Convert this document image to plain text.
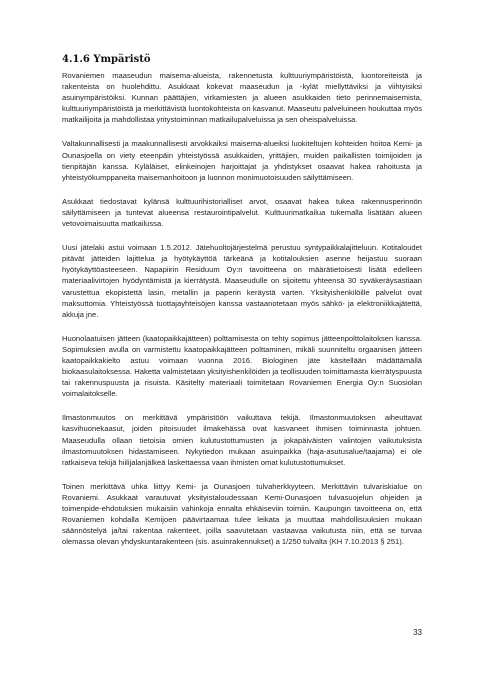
4.1.6 Ympäristö

Rovaniemen maaseudun maisema-alueista, rakennetusta kulttuuriympäristöistä, luontoreiteistä ja rakenteista on huolehdittu. Asukkaat kokevat maaseudun ja -kylät miellyttäviksi ja viihtyisiksi asuinympäristöiksi. Kunnan päättäjien, virkamiesten ja alueen asukkaiden tieto perinnemaisemista, kulttuuriympäristöistä ja merkittävistä luontokohteista on kasvanut. Maaseutu palveluineen houkuttaa myös matkailijoita ja mahdollistaa yritystoiminnan matkailupalveluissa ja sen oheispalveluissa.

Valtakunnallisesti ja maakunnallisesti arvokkaiksi maisema-alueiksi luokiteltujen kohteiden hoitoa Kemi- ja Ounasjoella on viety eteenpäin yhteistyössä asukkaiden, yrittäjien, muiden paikallisten toimijoiden ja tienpitäjän kanssa. Kyläläiset, elinkeinojen harjoittajat ja yhdistykset osaavat hakea rahoitusta ja yhteistyökumppaneita maisemanhoitoon ja luonnon monimuotoisuuden säilyttämiseen.

Asukkaat tiedostavat kylänsä kulttuurihistorialliset arvot, osaavat hakea tukea rakennusperinnön säilyttämiseen ja tuntevat alueensa restaurointipalvelut. Kulttuurimatkailua tukemalla lisätään alueen vetovoimaisuutta matkailussa.

Uusi jätelaki astui voimaan 1.5.2012. Jätehuoltojärjestelmä perustuu syntypaikkalajitteluun. Kotitaloudet pitävät jätteiden lajittelua ja hyötykäyttöä tärkeänä ja kotitalouksien asenne heijastuu suoraan hyötykäyttöasteeseen. Napapiirin Residuum Oy:n tavoitteena on määrätietoisesti lisätä edelleen materiaalivirtojen hyödyntämistä ja kierrätystä. Maaseudulle on sijoitettu yhteensä 30 syväkeräysastiaan varustettua ekopistettä lasin, metallin ja paperin keräystä varten. Yksityishenkilöille palvelut ovat maksuttomia. Yhteistyössä tuottajayhteisöjen kanssa vastaanotetaan myös sähkö- ja elektroniikkajätettä, akkuja jne.

Huonolaatuisen jätteen (kaatopaikkajätteen) polttamisesta on tehty sopimus jätteenpolttolaitoksen kanssa. Sopimuksien avulla on varmistettu kaatopaikkajätteen polttaminen, mikäli suunniteltu orgaanisen jätteen kaatopaikkakielto astuu voimaan vuonna 2016. Biologinen jäte käsitellään mädättämällä biokaasulaitoksessa. Haketta valmistetaan yksityishenkilöiden ja teollisuuden toimittamasta kierrätyspuusta tai rakennuspuusta ja risuista. Käsitelty materiaali toimitetaan Rovaniemen Energia Oy:n Suosiolan voimalaitokselle.

Ilmastonmuutos on merkittävä ympäristöön vaikuttava tekijä. Ilmastonmuutoksen aiheuttavat kasvihuonekaasut, joiden pitoisuudet ilmakehässä ovat kasvaneet ihmisen toiminnasta johtuen. Maaseudulla ollaan tietoisia omien kulutustottumusten ja jokapäiväisten valintojen vaikutuksista ilmastomuutoksen hidastamiseen. Nykytiedon mukaan asuinpaikka (haja-asutusalue/taajama) ei ole ratkaiseva tekijä hiilijalanjälkeä laskettaessa vaan ihmisten omat kulutustottumukset.

Toinen merkittävä uhka liittyy Kemi- ja Ounasjoen tulvaherkkyyteen. Merkittävin tulvariskialue on Rovaniemi. Asukkaat varautuvat yksityistaloudessaan Kemi-Ounasjoen tulvasuojelun ohjeiden ja toimenpide-ehdotuksien mukaisiin vahinkoja ennalta ehkäiseviin toimiin. Kaupungin tavoitteena on, että Rovaniemen kohdalla Kemijoen päävirtaamaa tulee leikata ja muuttaa mahdollisuuksien mukaan säännöstelyä ja/tai rakentaa rakenteet, joilla saavutetaan vastaavaa vaikutusta niin, että se turvaa olemassa olevan yhdyskuntarakenteen (sis. asuinrakennukset) a 1/250 tulvalta (KH 7.10.2013 § 251).

33
